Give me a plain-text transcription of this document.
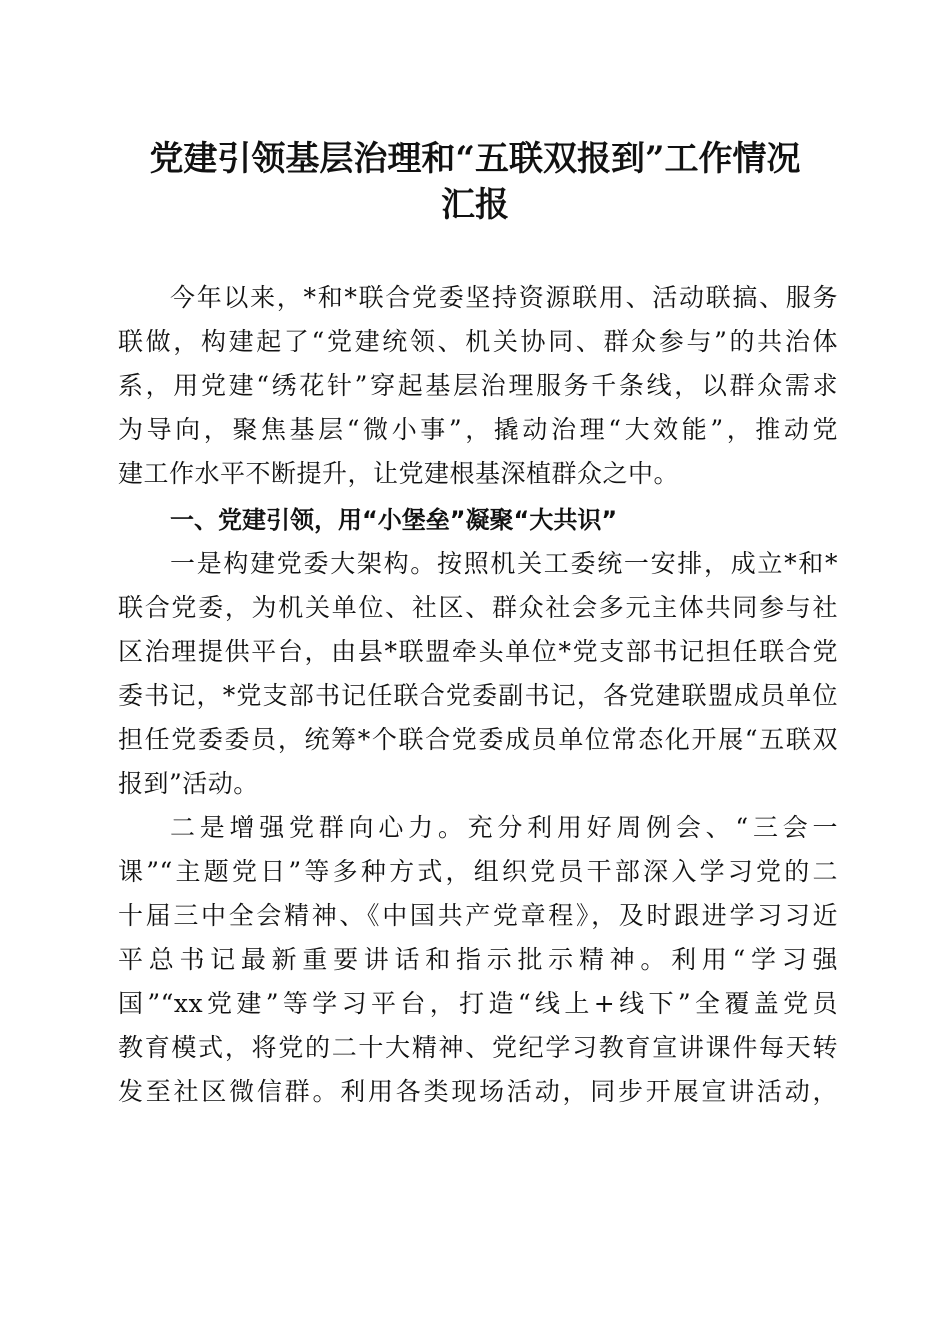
党建引领基层治理和“五联双报到”工作情况
汇报

今年以来，*和*联合党委坚持资源联用、活动联搞、服务

联做，构建起了“党建统领、机关协同、群众参与”的共治体

系，用党建“绣花针”穿起基层治理服务千条线，以群众需求

为导向，聚焦基层“微小事”，撬动治理“大效能”，推动党

建工作水平不断提升，让党建根基深植群众之中。

一、党建引领，用“小堡垒”凝聚“大共识”

一是构建党委大架构。按照机关工委统一安排，成立*和*

联合党委，为机关单位、社区、群众社会多元主体共同参与社

区治理提供平台，由县*联盟牵头单位*党支部书记担任联合党

委书记，*党支部书记任联合党委副书记，各党建联盟成员单位

担任党委委员，统筹*个联合党委成员单位常态化开展“五联双

报到”活动。

二是增强党群向心力。充分利用好周例会、“三会一

课”“主题党日”等多种方式，组织党员干部深入学习党的二

十届三中全会精神、《中国共产党章程》，及时跟进学习习近

平总书记最新重要讲话和指示批示精神。利用“学习强

国”“xx党建”等学习平台，打造“线上+线下”全覆盖党员

教育模式，将党的二十大精神、党纪学习教育宣讲课件每天转

发至社区微信群。利用各类现场活动，同步开展宣讲活动，
